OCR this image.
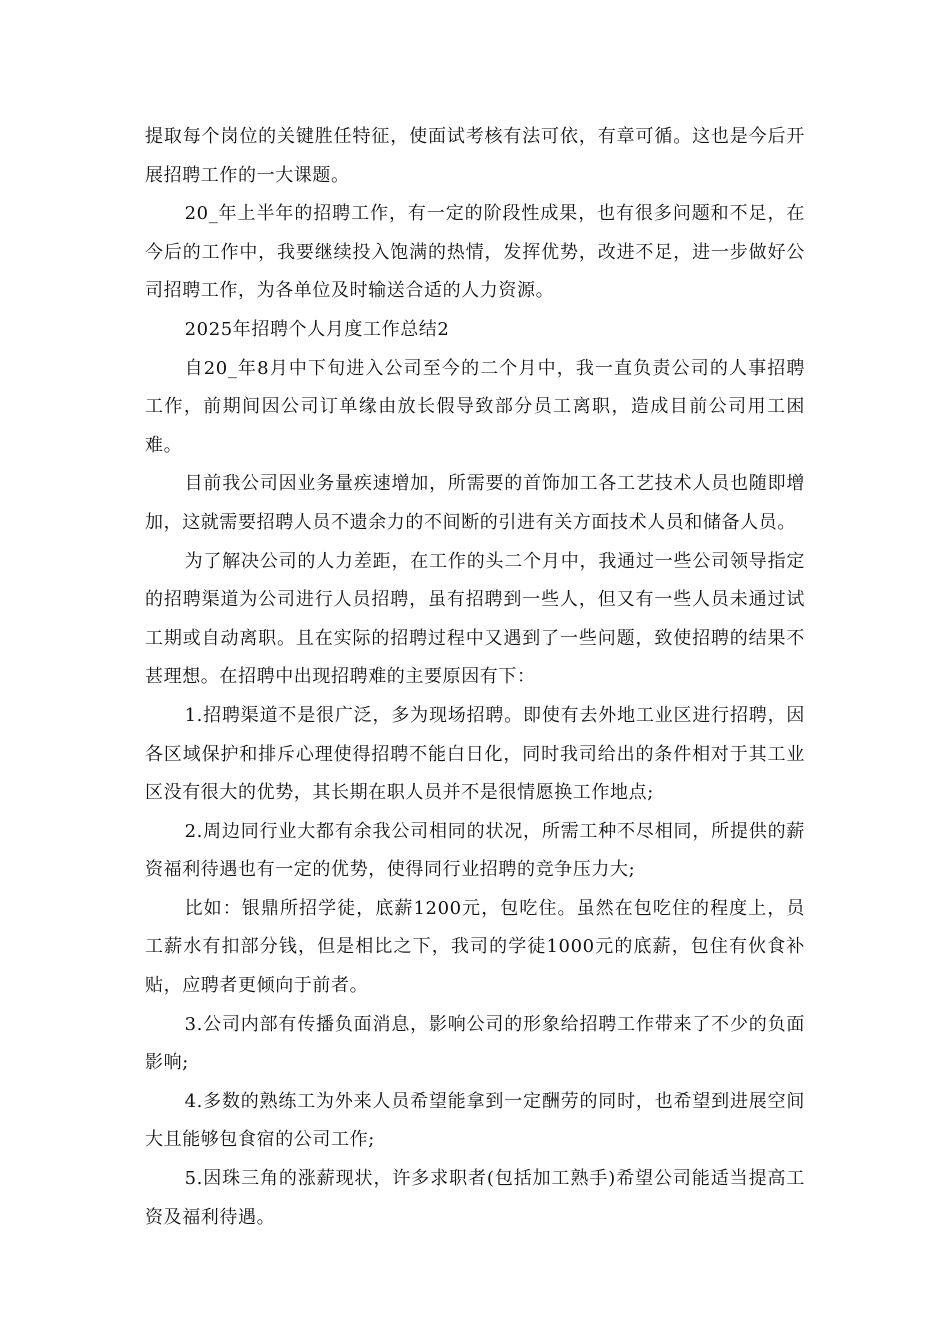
提取每个岗位的关键胜任特征，使面试考核有法可依，有章可循。这也是今后开展招聘工作的一大课题。

20_年上半年的招聘工作，有一定的阶段性成果，也有很多问题和不足，在今后的工作中，我要继续投入饱满的热情，发挥优势，改进不足，进一步做好公司招聘工作，为各单位及时输送合适的人力资源。

2025年招聘个人月度工作总结2

自20_年8月中下旬进入公司至今的二个月中，我一直负责公司的人事招聘工作，前期间因公司订单缘由放长假导致部分员工离职，造成目前公司用工困难。

目前我公司因业务量疾速增加，所需要的首饰加工各工艺技术人员也随即增加，这就需要招聘人员不遗余力的不间断的引进有关方面技术人员和储备人员。

为了解决公司的人力差距，在工作的头二个月中，我通过一些公司领导指定的招聘渠道为公司进行人员招聘，虽有招聘到一些人，但又有一些人员未通过试工期或自动离职。且在实际的招聘过程中又遇到了一些问题，致使招聘的结果不甚理想。在招聘中出现招聘难的主要原因有下：

1.招聘渠道不是很广泛，多为现场招聘。即使有去外地工业区进行招聘，因各区域保护和排斥心理使得招聘不能白日化，同时我司给出的条件相对于其工业区没有很大的优势，其长期在职人员并不是很情愿换工作地点;

2.周边同行业大都有余我公司相同的状况，所需工种不尽相同，所提供的薪资福利待遇也有一定的优势，使得同行业招聘的竞争压力大;

比如：银鼎所招学徒，底薪1200元，包吃住。虽然在包吃住的程度上，员工薪水有扣部分钱，但是相比之下，我司的学徒1000元的底薪，包住有伙食补贴，应聘者更倾向于前者。

3.公司内部有传播负面消息，影响公司的形象给招聘工作带来了不少的负面影响;

4.多数的熟练工为外来人员希望能拿到一定酬劳的同时，也希望到进展空间大且能够包食宿的公司工作;

5.因珠三角的涨薪现状，许多求职者(包括加工熟手)希望公司能适当提高工资及福利待遇。
